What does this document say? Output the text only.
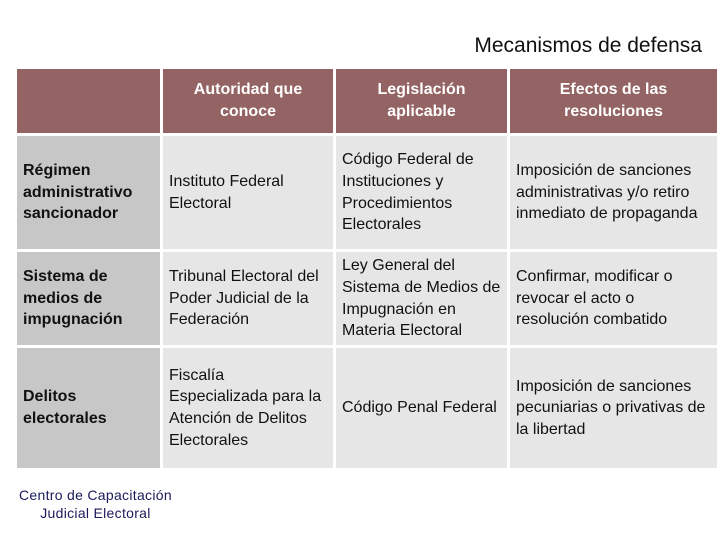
Mecanismos de defensa
Autoridad que conoce
Legislación aplicable
Efectos de las resoluciones
Régimen administrativo sancionador
Instituto Federal Electoral
Código Federal de Instituciones y Procedimientos Electorales
Imposición de sanciones administrativas y/o retiro inmediato de propaganda
Sistema de medios de impugnación
Tribunal Electoral del Poder Judicial de la Federación
Ley General del Sistema de Medios de Impugnación en Materia Electoral
Confirmar, modificar o revocar el acto o resolución combatido
Delitos electorales
Fiscalía Especializada para la Atención de Delitos Electorales
Código Penal Federal
Imposición de sanciones pecuniarias o privativas de la libertad
Centro de Capacitación
Judicial Electoral
